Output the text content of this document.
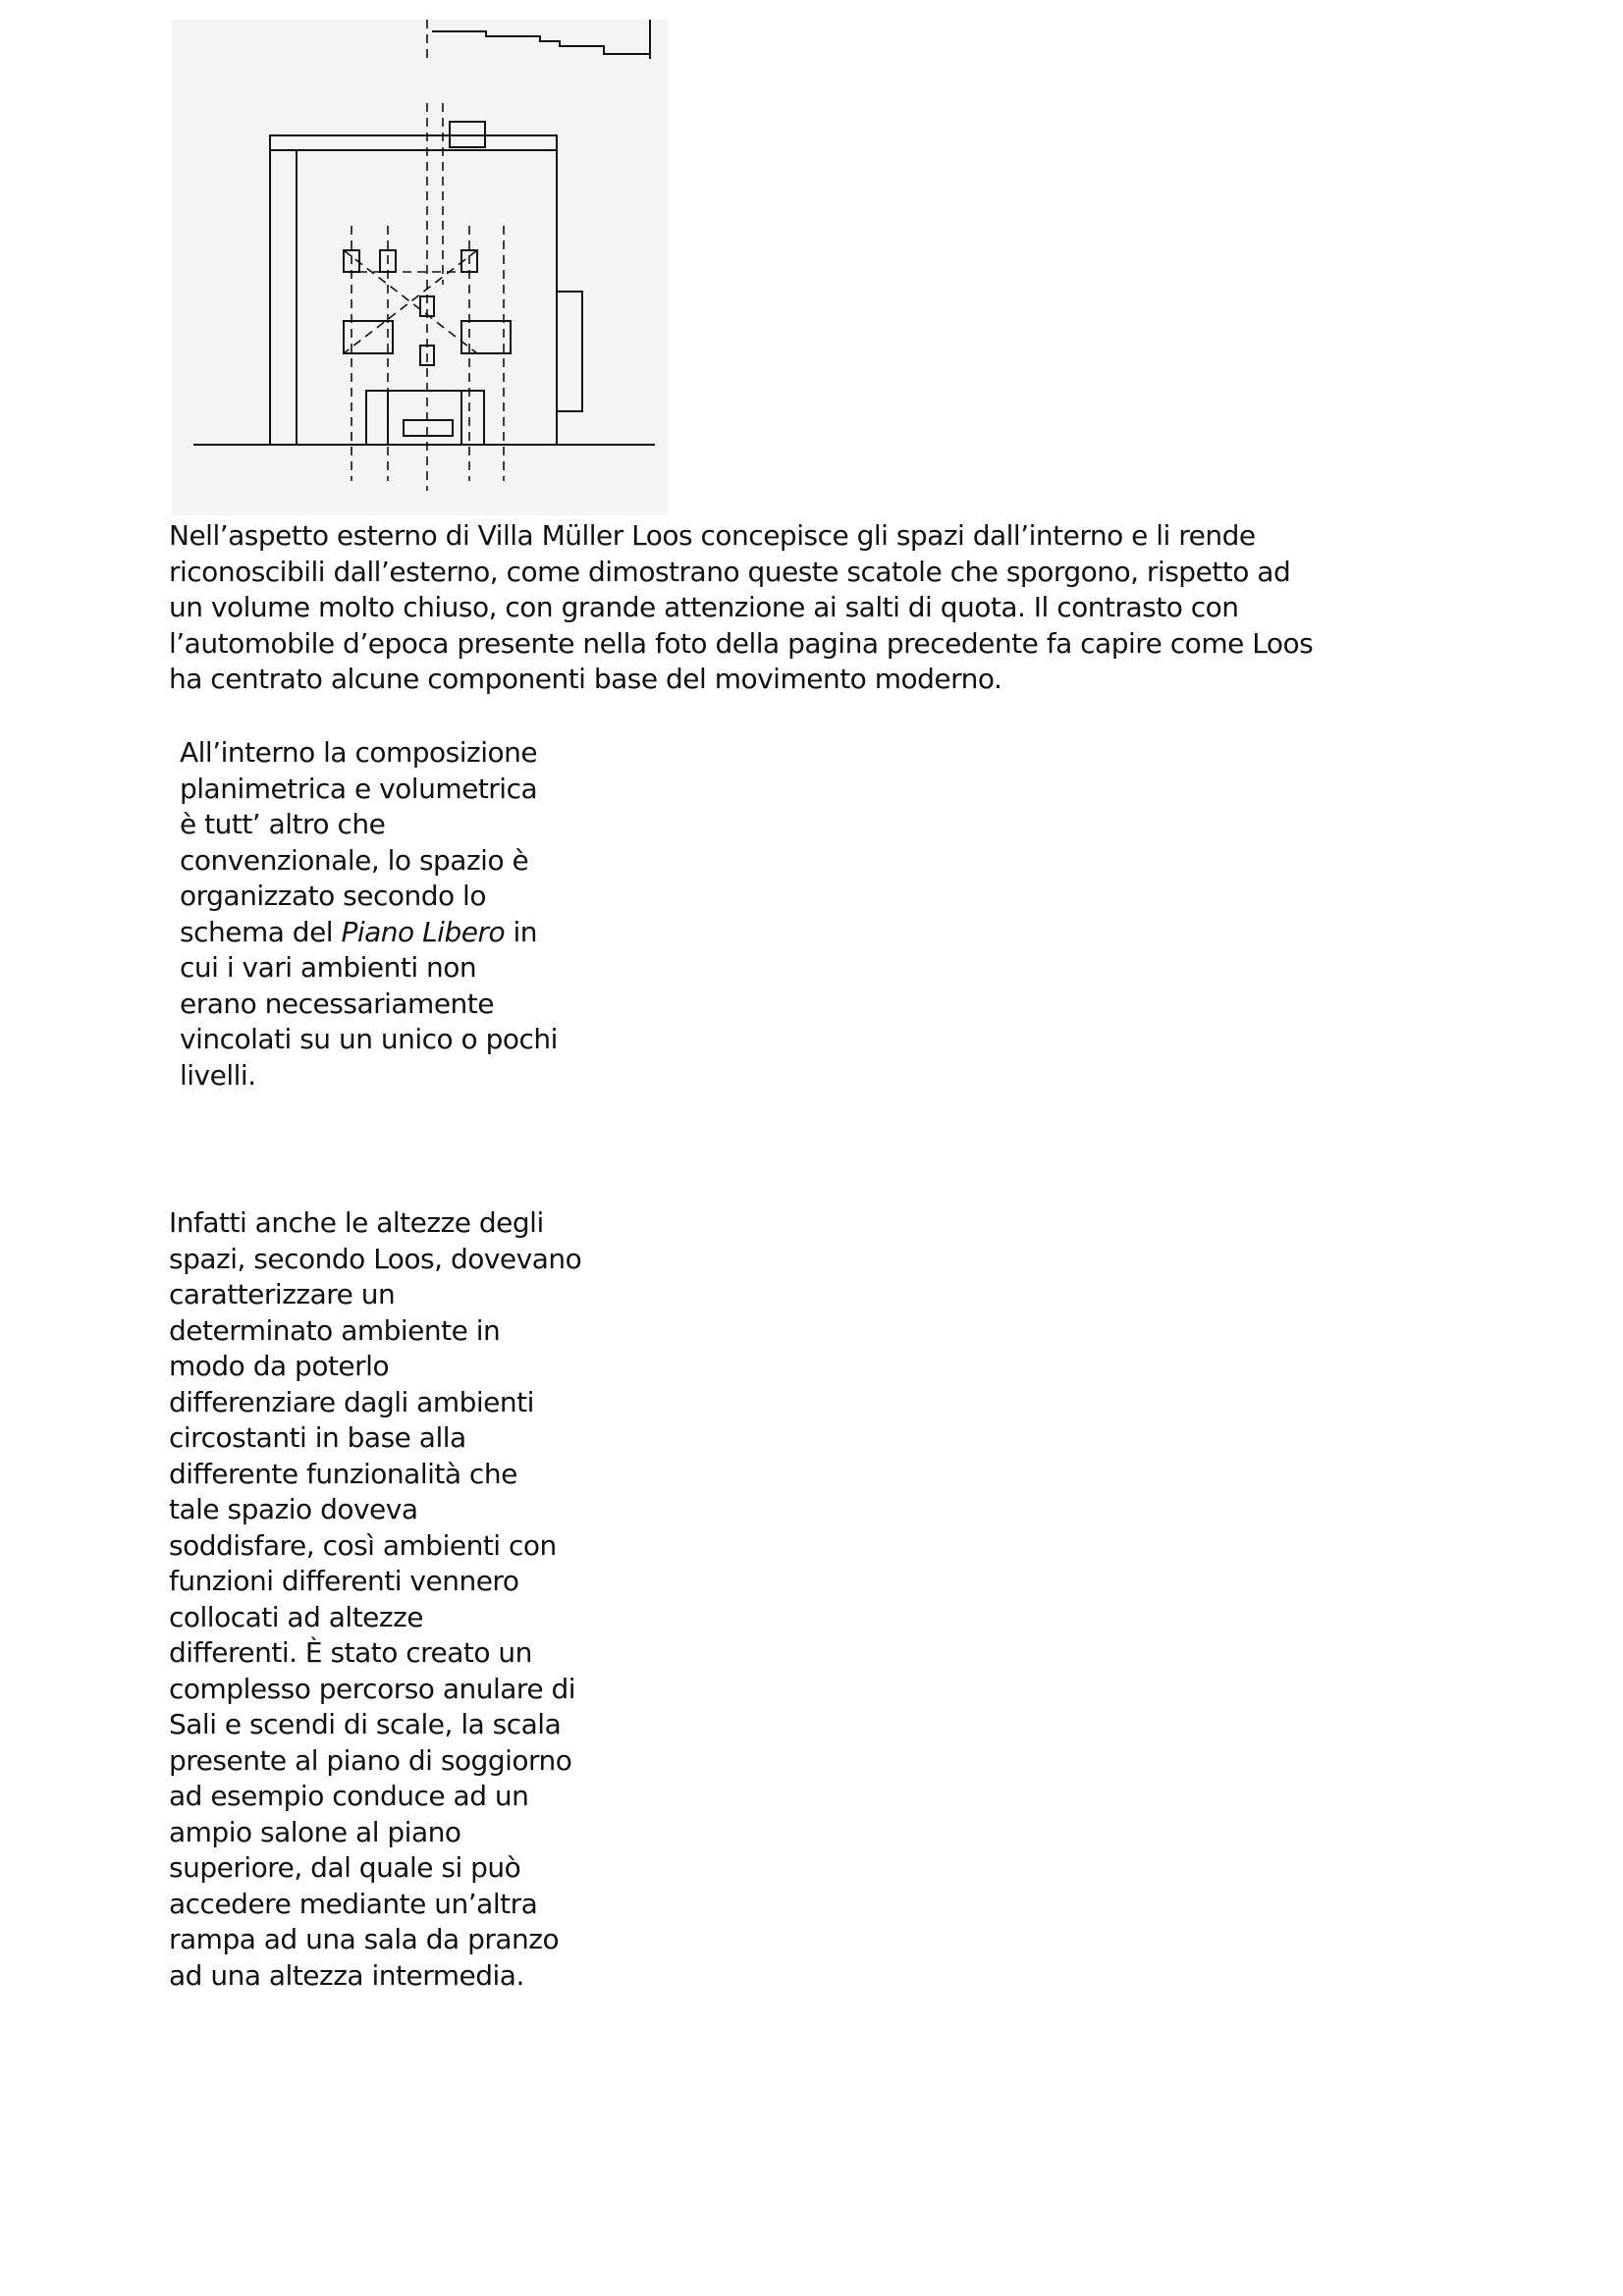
Nell’aspetto esterno di Villa Müller Loos concepisce gli spazi dall’interno e li rende
riconoscibili dall’esterno, come dimostrano queste scatole che sporgono, rispetto ad
un volume molto chiuso, con grande attenzione ai salti di quota. Il contrasto con
l’automobile d’epoca presente nella foto della pagina precedente fa capire come Loos
ha centrato alcune componenti base del movimento moderno.

All’interno la composizione
planimetrica e volumetrica
è tutt’ altro che
convenzionale, lo spazio è
organizzato secondo lo
schema del Piano Libero in
cui i vari ambienti non
erano necessariamente
vincolati su un unico o pochi
livelli.

Infatti anche le altezze degli
spazi, secondo Loos, dovevano
caratterizzare un
determinato ambiente in
modo da poterlo
differenziare dagli ambienti
circostanti in base alla
differente funzionalità che
tale spazio doveva
soddisfare, così ambienti con
funzioni differenti vennero
collocati ad altezze
differenti. È stato creato un
complesso percorso anulare di
Sali e scendi di scale, la scala
presente al piano di soggiorno
ad esempio conduce ad un
ampio salone al piano
superiore, dal quale si può
accedere mediante un’altra
rampa ad una sala da pranzo
ad una altezza intermedia.
